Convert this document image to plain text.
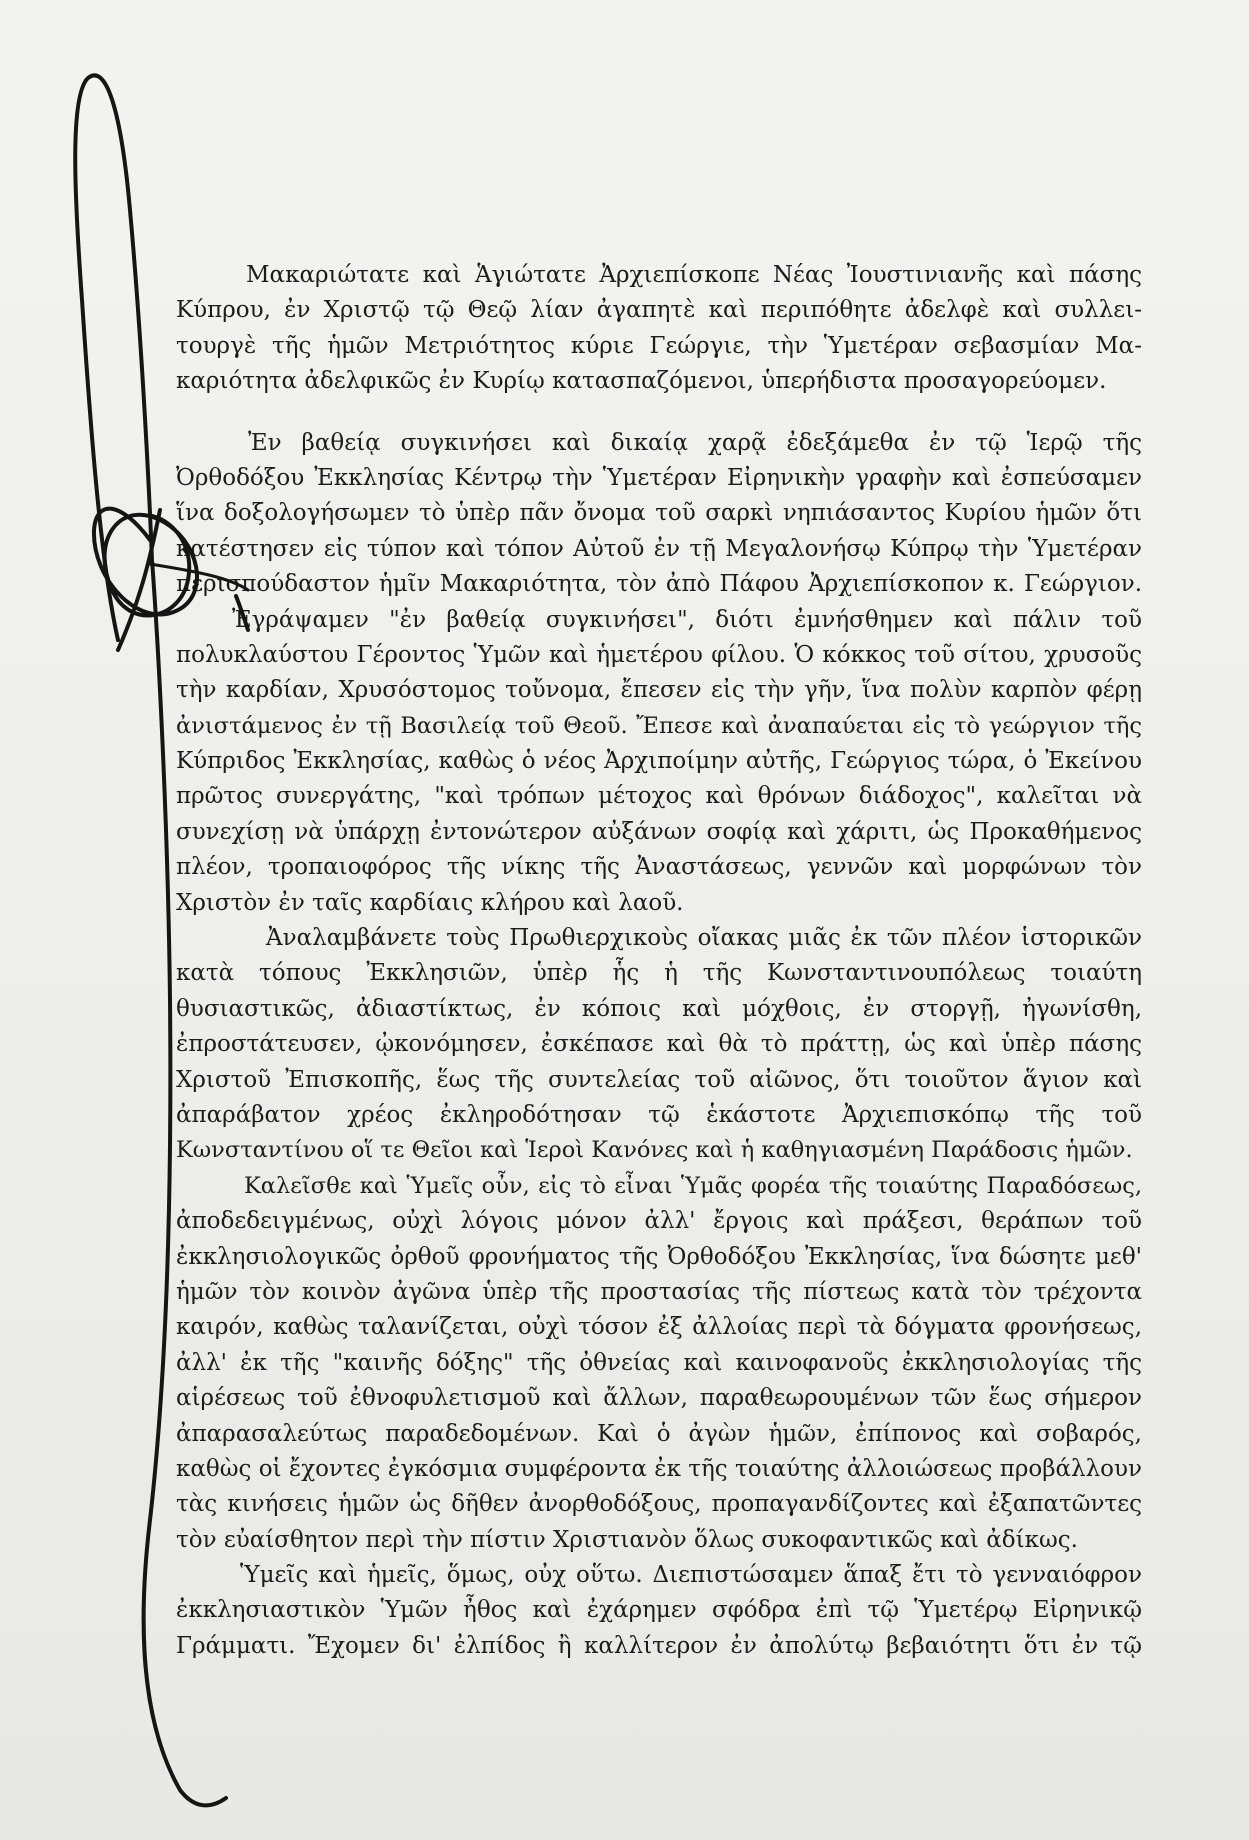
Μακαριώτατε καὶ Ἁγιώτατε Ἀρχιεπίσκοπε Νέας Ἰουστινιανῆς καὶ πάσης
Κύπρου, ἐν Χριστῷ τῷ Θεῷ λίαν ἀγαπητὲ καὶ περιπόθητε ἀδελφὲ καὶ συλλει-
τουργὲ τῆς ἡμῶν Μετριότητος κύριε Γεώργιε, τὴν Ὑμετέραν σεβασμίαν Μα-
καριότητα ἀδελφικῶς ἐν Κυρίῳ κατασπαζόμενοι, ὑπερήδιστα προσαγορεύομεν.
Ἐν βαθείᾳ συγκινήσει καὶ δικαίᾳ χαρᾷ ἐδεξάμεθα ἐν τῷ Ἱερῷ τῆς
Ὀρθοδόξου Ἐκκλησίας Κέντρῳ τὴν Ὑμετέραν Εἰρηνικὴν γραφὴν καὶ ἐσπεύσαμεν
ἵνα δοξολογήσωμεν τὸ ὑπὲρ πᾶν ὄνομα τοῦ σαρκὶ νηπιάσαντος Κυρίου ἡμῶν ὅτι
κατέστησεν εἰς τύπον καὶ τόπον Αὐτοῦ ἐν τῇ Μεγαλονήσῳ Κύπρῳ τὴν Ὑμετέραν
περισπούδαστον ἡμῖν Μακαριότητα, τὸν ἀπὸ Πάφου Ἀρχιεπίσκοπον κ. Γεώργιον.
Ἐγράψαμεν "ἐν βαθείᾳ συγκινήσει", διότι ἐμνήσθημεν καὶ πάλιν τοῦ
πολυκλαύστου Γέροντος Ὑμῶν καὶ ἡμετέρου φίλου. Ὁ κόκκος τοῦ σίτου, χρυσοῦς
τὴν καρδίαν, Χρυσόστομος τοὔνομα, ἔπεσεν εἰς τὴν γῆν, ἵνα πολὺν καρπὸν φέρῃ
ἀνιστάμενος ἐν τῇ Βασιλείᾳ τοῦ Θεοῦ. Ἔπεσε καὶ ἀναπαύεται εἰς τὸ γεώργιον τῆς
Κύπριδος Ἐκκλησίας, καθὼς ὁ νέος Ἀρχιποίμην αὐτῆς, Γεώργιος τώρα, ὁ Ἐκείνου
πρῶτος συνεργάτης, "καὶ τρόπων μέτοχος καὶ θρόνων διάδοχος", καλεῖται νὰ
συνεχίσῃ νὰ ὑπάρχῃ ἐντονώτερον αὐξάνων σοφίᾳ καὶ χάριτι, ὡς Προκαθήμενος
πλέον, τροπαιοφόρος τῆς νίκης τῆς Ἀναστάσεως, γεννῶν καὶ μορφώνων τὸν
Χριστὸν ἐν ταῖς καρδίαις κλήρου καὶ λαοῦ.
Ἀναλαμβάνετε τοὺς Πρωθιερχικοὺς οἴακας μιᾶς ἐκ τῶν πλέον ἱστορικῶν
κατὰ τόπους Ἐκκλησιῶν, ὑπὲρ ἧς ἡ τῆς Κωνσταντινουπόλεως τοιαύτη
θυσιαστικῶς, ἀδιαστίκτως, ἐν κόποις καὶ μόχθοις, ἐν στοργῇ, ἠγωνίσθη,
ἐπροστάτευσεν, ᾠκονόμησεν, ἐσκέπασε καὶ θὰ τὸ πράττῃ, ὡς καὶ ὑπὲρ πάσης
Χριστοῦ Ἐπισκοπῆς, ἕως τῆς συντελείας τοῦ αἰῶνος, ὅτι τοιοῦτον ἅγιον καὶ
ἀπαράβατον χρέος ἐκληροδότησαν τῷ ἑκάστοτε Ἀρχιεπισκόπῳ τῆς τοῦ
Κωνσταντίνου οἵ τε Θεῖοι καὶ Ἱεροὶ Κανόνες καὶ ἡ καθηγιασμένη Παράδοσις ἡμῶν.
Καλεῖσθε καὶ Ὑμεῖς οὖν, εἰς τὸ εἶναι Ὑμᾶς φορέα τῆς τοιαύτης Παραδόσεως,
ἀποδεδειγμένως, οὐχὶ λόγοις μόνον ἀλλ' ἔργοις καὶ πράξεσι, θεράπων τοῦ
ἐκκλησιολογικῶς ὀρθοῦ φρονήματος τῆς Ὀρθοδόξου Ἐκκλησίας, ἵνα δώσητε μεθ'
ἡμῶν τὸν κοινὸν ἀγῶνα ὑπὲρ τῆς προστασίας τῆς πίστεως κατὰ τὸν τρέχοντα
καιρόν, καθὼς ταλανίζεται, οὐχὶ τόσον ἐξ ἀλλοίας περὶ τὰ δόγματα φρονήσεως,
ἀλλ' ἐκ τῆς "καινῆς δόξης" τῆς ὀθνείας καὶ καινοφανοῦς ἐκκλησιολογίας τῆς
αἱρέσεως τοῦ ἐθνοφυλετισμοῦ καὶ ἄλλων, παραθεωρουμένων τῶν ἕως σήμερον
ἀπαρασαλεύτως παραδεδομένων. Καὶ ὁ ἀγὼν ἡμῶν, ἐπίπονος καὶ σοβαρός,
καθὼς οἱ ἔχοντες ἐγκόσμια συμφέροντα ἐκ τῆς τοιαύτης ἀλλοιώσεως προβάλλουν
τὰς κινήσεις ἡμῶν ὡς δῆθεν ἀνορθοδόξους, προπαγανδίζοντες καὶ ἐξαπατῶντες
τὸν εὐαίσθητον περὶ τὴν πίστιν Χριστιανὸν ὅλως συκοφαντικῶς καὶ ἀδίκως.
Ὑμεῖς καὶ ἡμεῖς, ὅμως, οὐχ οὕτω. Διεπιστώσαμεν ἅπαξ ἔτι τὸ γενναιόφρον
ἐκκλησιαστικὸν Ὑμῶν ἦθος καὶ ἐχάρημεν σφόδρα ἐπὶ τῷ Ὑμετέρῳ Εἰρηνικῷ
Γράμματι. Ἔχομεν δι' ἐλπίδος ἢ καλλίτερον ἐν ἀπολύτῳ βεβαιότητι ὅτι ἐν τῷ
